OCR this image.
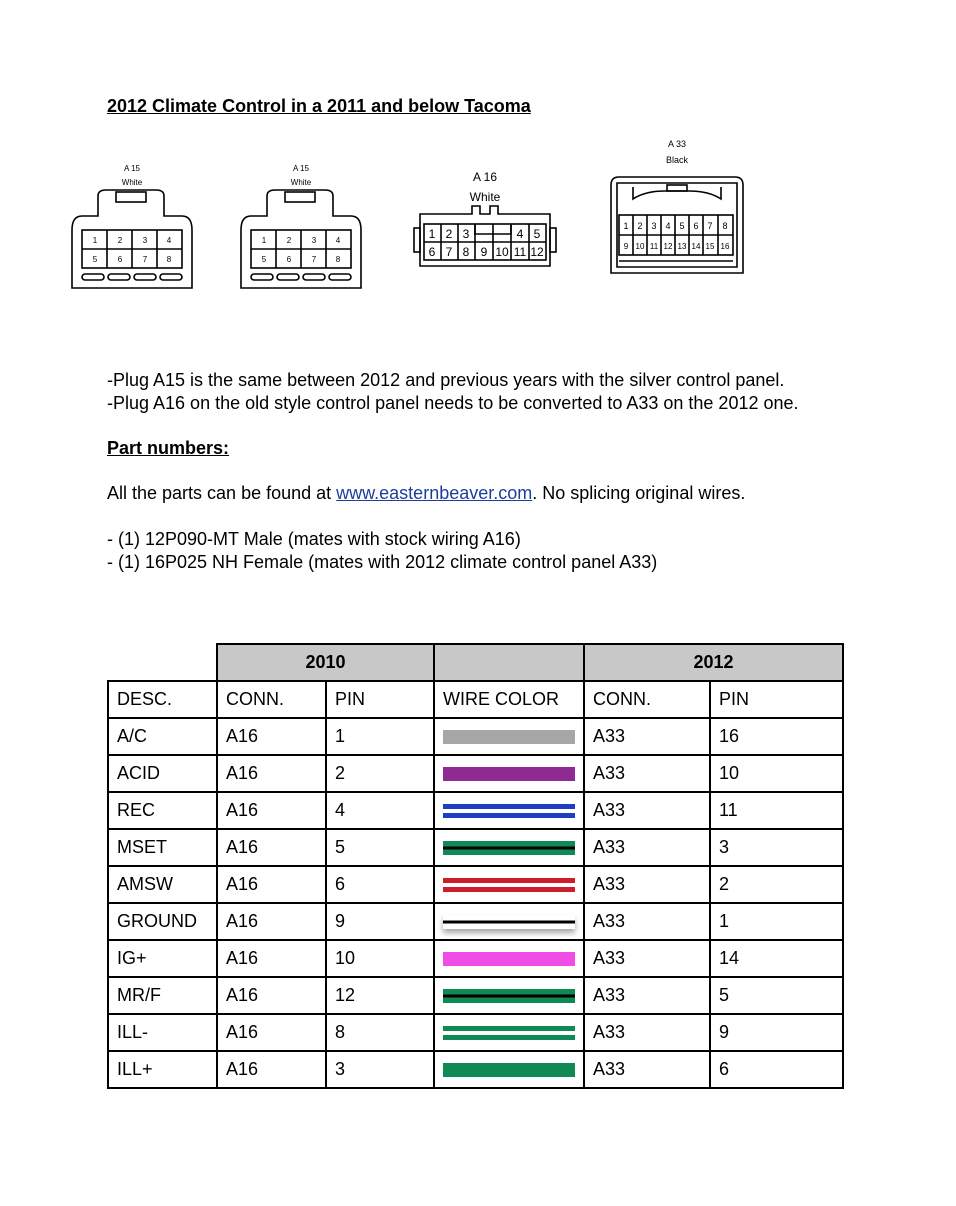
2012 Climate Control in a 2011 and below Tacoma
A 15
White
1	2	3 4
5	6	7 8
A 15
White
1	2	3 4
5	6	7 8
A 16
White
1 2 3	4 5
6 7 8 9 10 11 12
A 33
Black
1 2 3 4 5 6 7 8
9 10 11 12 13 14 15 16
-Plug A15 is the same between 2012 and previous years with the silver control panel.
-Plug A16 on the old style control panel needs to be converted to A33 on the 2012 one.
Part numbers:
All the parts can be found at www.easternbeaver.com. No splicing original wires.
- (1) 12P090-MT Male (mates with stock wiring A16)
- (1) 16P025 NH Female (mates with 2012 climate control panel A33)
	2010			2012	
DESC.	CONN.	PIN	WIRE COLOR	CONN.	PIN
A/C	A16	1		A33	16
ACID	A16	2		A33	10
REC	A16	4		A33	11
MSET	A16	5		A33	3
AMSW	A16	6		A33	2
GROUND	A16	9		A33	1
IG+	A16	10		A33	14
MR/F	A16	12		A33	5
ILL-	A16	8		A33	9
ILL+	A16	3		A33	6
